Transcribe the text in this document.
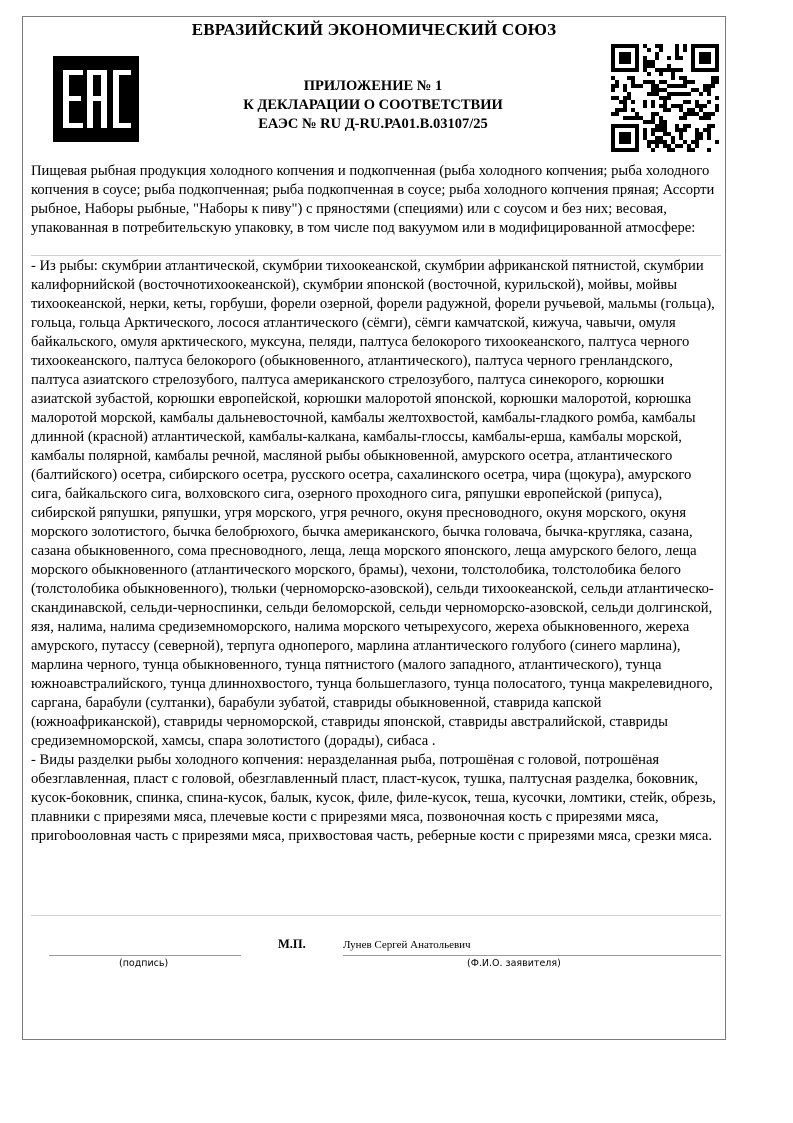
ЕВРАЗИЙСКИЙ ЭКОНОМИЧЕСКИЙ СОЮЗ
ПРИЛОЖЕНИЕ № 1
К ДЕКЛАРАЦИИ О СООТВЕТСТВИИ
ЕАЭС № RU Д-RU.РА01.В.03107/25
Пищевая рыбная продукция холодного копчения и подкопченная (рыба холодного копчения; рыба холодного копчения в соусе; рыба подкопченная; рыба подкопченная в соусе; рыба холодного копчения пряная; Ассорти рыбное, Наборы рыбные, "Наборы к пиву") с пряностями (специями) или с соусом и без них; весовая, упакованная в потребительскую упаковку, в том числе под вакуумом или в модифицированной атмосфере:
- Из рыбы: скумбрии атлантической, скумбрии тихоокеанской, скумбрии африканской пятнистой, скумбрии калифорнийской (восточнотихоокеанской), скумбрии японской (восточной, курильской), мойвы, мойвы тихоокеанской, нерки, кеты, горбуши, форели озерной, форели радужной, форели ручьевой, мальмы (гольца), гольца, гольца Арктического, лосося атлантического (сёмги), сёмги камчатской, кижуча, чавычи, омуля байкальского, омуля арктического, муксуна, пеляди, палтуса белокорого тихоокеанского, палтуса черного тихоокеанского, палтуса белокорого (обыкновенного, атлантического), палтуса черного гренландского, палтуса азиатского стрелозубого, палтуса американского стрелозубого, палтуса синекорого, корюшки азиатской зубастой, корюшки европейской, корюшки малоротой японской, корюшки малоротой, корюшка малоротой морской, камбалы дальневосточной, камбалы желтохвостой, камбалы-гладкого ромба, камбалы длинной (красной) атлантической, камбалы-калкана, камбалы-глоссы, камбалы-ерша, камбалы морской, камбалы полярной, камбалы речной, масляной рыбы обыкновенной, амурского осетра, атлантического (балтийского) осетра, сибирского осетра, русского осетра, сахалинского осетра, чира (щокура), амурского сига, байкальского сига, волховского сига, озерного проходного сига, ряпушки европейской (рипуса), сибирской ряпушки, ряпушки, угря морского, угря речного, окуня пресноводного, окуня морского, окуня морского золотистого, бычка белобрюхого, бычка американского, бычка головача, бычка-кругляка, сазана, сазана обыкновенного, сома пресноводного, леща, леща морского японского, леща амурского белого, леща морского обыкновенного (атлантического морского, брамы), чехони, толстолобика, толстолобика белого (толстолобика обыкновенного), тюльки (черноморско-азовской), сельди тихоокеанской, сельди атлантическо-скандинавской, сельди-черноспинки, сельди беломорской, сельди черноморско-азовской, сельди долгинской, язя, налима, налима средиземноморского, налима морского четырехусого, жереха обыкновенного, жереха амурского, путассу (северной), терпуга одноперого, марлина атлантического голубого (синего марлина), марлина черного, тунца обыкновенного, тунца пятнистого (малого западного, атлантического), тунца южноавстралийского, тунца длиннохвостого, тунца большеглазого, тунца полосатого, тунца макрелевидного, саргана, барабули (султанки), барабули зубатой, ставриды обыкновенной, ставрида капской (южноафриканской), ставриды черноморской, ставриды японской, ставриды австралийской, ставриды средиземноморской, хамсы, спара золотистого (дорады), сибаса .
- Виды разделки рыбы холодного копчения: неразделанная рыба, потрошёная с головой, потрошёная обезглавленная, пласт с головой, обезглавленный пласт, пласт-кусок, тушка, палтусная разделка, боковник, кусок-боковник, спинка, спина-кусок, балык, кусок, филе, филе-кусок, теша, кусочки, ломтики, стейк, обрезь, плавники с прирезями мяса, плечевые кости с прирезями мяса, позвоночная кость с прирезями мяса, пригоbooловная часть с прирезями мяса, прихвостовая часть, реберные кости с прирезями мяса, срезки мяса.
М.П.	Лунев Сергей Анатольевич
(подпись)	(Ф.И.О. заявителя)
